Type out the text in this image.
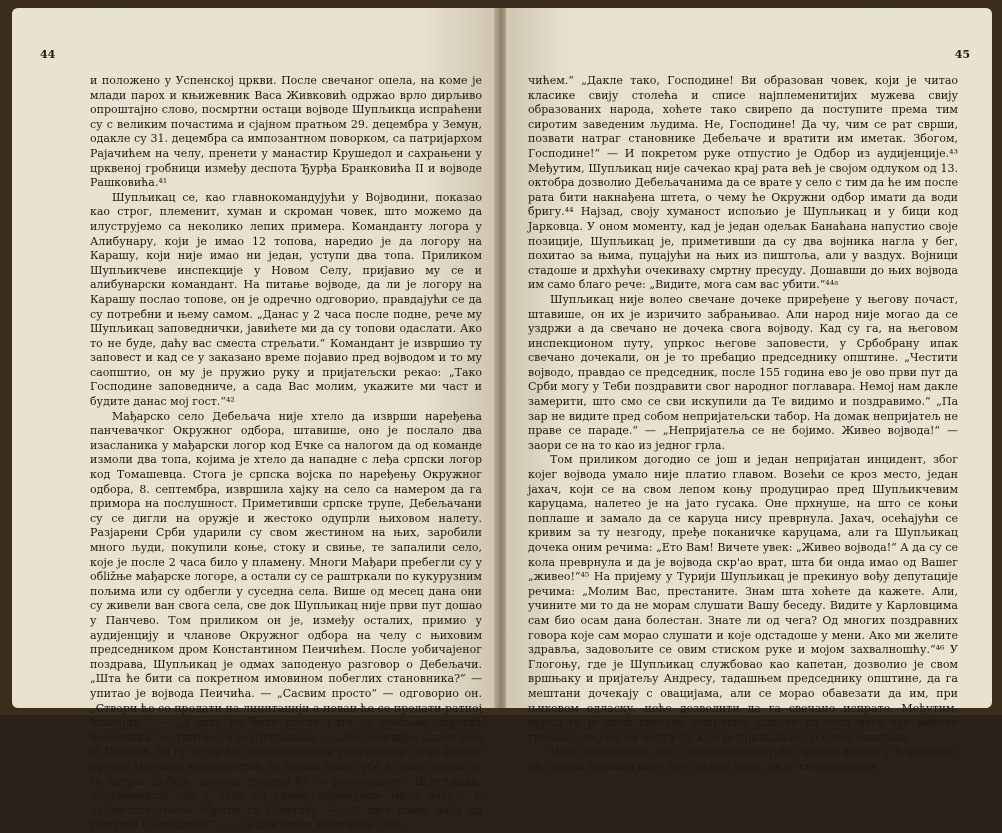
44

и положено у Успенској цркви. После свечаног опела, на коме је млади парох и књижевник Васа Живковић одржао врло дирљиво опроштајно слово, посмртни остаци војводе Шупљикца испраћени су с великим почастима и сјајном пратњом 29. децембра у Земун, одакле су 31. децембра са импозантном поворком, са патријархом Рајачићем на челу, пренети у манастир Крушедол и сахрањени у црквеној гробници између деспота Ђурђа Бранковића II и војводе Рашковића.⁴¹

Шупљикац се, као главнокомандујући у Војводини, показао као строг, племенит, хуман и скроман човек, што можемо да илуструјемо са неколико лепих примера. Команданту логора у Алибунару, који је имао 12 топова, наредио је да логору на Карашу, који није имао ни један, уступи два топа. Приликом Шупљикчеве инспекције у Новом Селу, пријавио му се и алибунарски командант. На питање војводе, да ли је логору на Карашу послао топове, он је одречно одговорио, правдајући се да су потребни и њему самом. „Данас у 2 часа после подне, рече му Шупљикац заповеднички, јавићете ми да су топови одаслати. Ако то не буде, даћу вас сместа стрељати.“ Командант је извршио ту заповест и кад се у заказано време појавио пред војводом и то му саопштио, он му је пружио руку и пријатељски рекао: „Тако Господине заповедниче, а сада Вас молим, укажите ми част и будите данас мој гост.“⁴²

Мађарско село Дебељача није хтело да изврши наређења панчевачког Окружног одбора, штавише, оно је послало два изасланика у мађарски логор код Ечке са налогом да од команде измоли два топа, којима је хтело да нападне с леђа српски логор код Томашевца. Стога је српска војска по наређењу Окружног одбора, 8. септембра, извршила хајку на село са намером да га примора на послушност. Приметивши српске трупе, Дебељачани су се дигли на оружје и жестоко одупрли њиховом налету. Разјарени Срби ударили су свом жестином на њих, заробили много људи, покупили коње, стоку и свиње, те запалили село, које је после 2 часа било у пламену. Многи Мађари пребегли су у обližње мађарске логоре, а остали су се раштркали по кукурузним пољима или су одбегли у суседна села. Више од месец дана они су живели ван свога села, све док Шупљикац није први пут дошао у Панчево. Том приликом он је, између осталих, примио у аудијенцију и чланове Окружног одбора на челу с њиховим председником дром Константином Пеичићем. После уобичајеног поздрава, Шупљикац је одмах заподенуо разговор о Дебељачи. „Шта ће бити са покретном имовином побеглих становника?“ — упитао је војвода Пеичића. — „Сасвим просто“ — одговорио он. „Ствари ће се продати на лицитацији а новац ће се предати ратној благајни.“ — „А шта ће бити после рата са земљом сиротих болесника“ — упитао га је Шупљикац. — „Екселенцијо, одговорио је Пеичић, ти су људи као велеиздајници употребили своје имање против Његовог величанства, те према томе губе и свако право да га натраг добију, њихова својина ће се распродати.“ Шупљикац, поцрвеневши сав у лицу од гнева, окренувши мало натраг и најјежним тоном обрати се Пеичићу: — „С ким имам част да говорим Господине?“ — „Са доктором медицине Пеи-

45

чићем.“ „Дакле тако, Господине! Ви образован човек, који је читао класике свију столећа и списе најплеменитијих мужева свију образованих народа, хоћете тако свирепо да поступите према тим сиротим заведеним људима. Не, Господине! Да чу, чим се рат сврши, позвати натраг становнике Дебељаче и вратити им иметак. Збогом, Господине!“ — И покретом руке отпустио је Одбор из аудијенције.⁴³ Међутим, Шупљикац није сачекао крај рата већ је својом одлуком од 13. октобра дозволио Дебељачанима да се врате у село с тим да ће им после рата бити накнађена штета, о чему ће Окружни одбор имати да води бригу.⁴⁴ Најзад, своју хуманост испољио је Шупљикац и у бици код Јарковца. У оном моменту, кад је један одељак Банаћана напустио своје позиције, Шупљикац је, приметивши да су два војника нагла у бег, похитао за њима, пуцајући на њих из пиштоља, али у ваздух. Војници стадоше и дрхћући очекиваху смртну пресуду. Дошавши до њих војвода им само благо рече: „Видите, мога сам вас убити.“⁴⁴ᵃ

Шупљикац није волео свечане дочеке приређене у његову почаст, штавише, он их је изричито забрањивао. Али народ није могао да се уздржи а да свечано не дочека свога војводу. Кад су га, на његовом инспекционом путу, упркос његове заповести, у Србобрану ипак свечано дочекали, он је то пребацио председнику општине. „Честити војводо, правдао се председник, после 155 година ево је ово први пут да Срби могу у Теби поздравити свог народног поглавара. Немој нам дакле замерити, што смо се сви искупили да Те видимо и поздравимо.“ „Па зар не видите пред собом непријатељски табор. На домак непријатељ не праве се параде.“ — „Непријатеља се не бојимо. Живео војвода!“ — заори се на то као из једног грла.

Том приликом догодио се још и један непријатан инцидент, због којег војвода умало није платио главом. Возећи се кроз место, један јахач, који се на свом лепом коњу продуцирао пред Шупљикчевим каруцама, налетео је на јато гусака. Оне прхнуше, на што се коњи поплаше и замало да се каруца нису преврнула. Јахач, осећајући се кривим за ту незгоду, пређе поканичке каруцама, али га Шупљикац дочека оним речима: „Ето Вам! Вичете увек: „Живео војвода!“ А да су се кола преврнула и да је војвода скр'ао врат, шта би онда имао од Вашег „живео!“⁴⁵ На пријему у Турији Шупљикац је прекинуо вођу депутације речима: „Молим Вас, престаните. Знам шта хоћете да кажете. Али, учините ми то да не морам слушати Вашу беседу. Видите у Карловцима сам био осам дана болестан. Знате ли од чега? Од многих поздравних говора које сам морао слушати и које одстадоше у мени. Ако ми желите здравља, задовољите се овим стиском руке и мојом захвалношћу.“⁴⁶ У Глогоњу, где је Шупљикац службовао као капетан, дозволио је свом вршњаку и пријатељу Андресу, тадашњем председнику општине, да га мештани дочекају с овацијама, али се морао обавезати да им, при њиховом одласку, неће дозволити да га свечано испрате. Међутим, народ га је ипак свечано испратио, али не из села него ван његове границе, то јест на подручју које је припадало суседној општини.

Иако Шупљикац, као главнокомандујући српске војске у Војводини, на бојним пољима није био срећне руке, он је својим радом
